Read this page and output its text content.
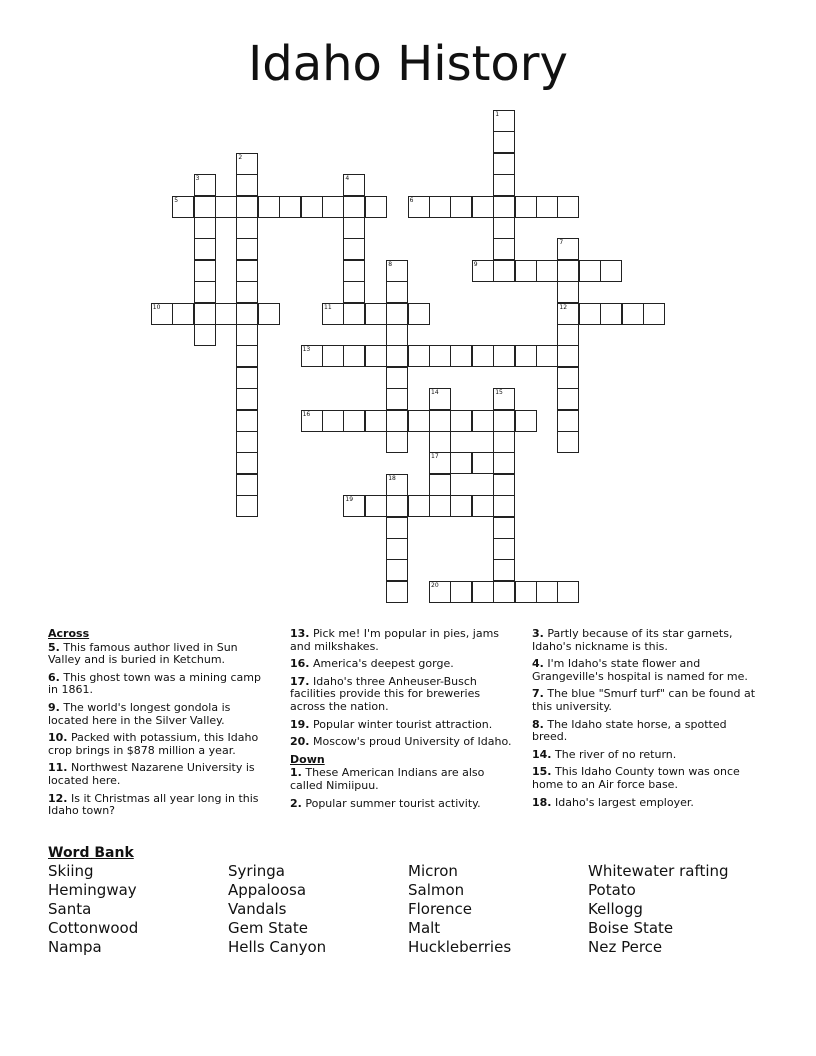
Idaho History
1
2
3	4
5	6
7
12
8	9
10	11
13
14
17
15
16
18
19
20
Across
5. This famous author lived in Sun Valley and is buried in Ketchum.
6. This ghost town was a mining camp in 1861.
9. The world's longest gondola is located here in the Silver Valley.
10. Packed with potassium, this Idaho crop brings in $878 million a year.
11. Northwest Nazarene University is located here.
12. Is it Christmas all year long in this Idaho town?
13. Pick me! I'm popular in pies, jams and milkshakes.
16. America's deepest gorge.
17. Idaho's three Anheuser-Busch facilities provide this for breweries across the nation.
19. Popular winter tourist attraction.
20. Moscow's proud University of Idaho.
Down
1. These American Indians are also called Nimiipuu.
2. Popular summer tourist activity.
3. Partly because of its star garnets, Idaho's nickname is this.
4. I'm Idaho's state flower and Grangeville's hospital is named for me.
7. The blue "Smurf turf" can be found at this university.
8. The Idaho state horse, a spotted breed.
14. The river of no return.
15. This Idaho County town was once home to an Air force base.
18. Idaho's largest employer.
Word Bank
Skiing
Hemingway
Santa
Cottonwood
Nampa
Syringa
Appaloosa
Vandals
Gem State
Hells Canyon
Micron
Salmon
Florence
Malt
Huckleberries
Whitewater rafting
Potato
Kellogg
Boise State
Nez Perce
